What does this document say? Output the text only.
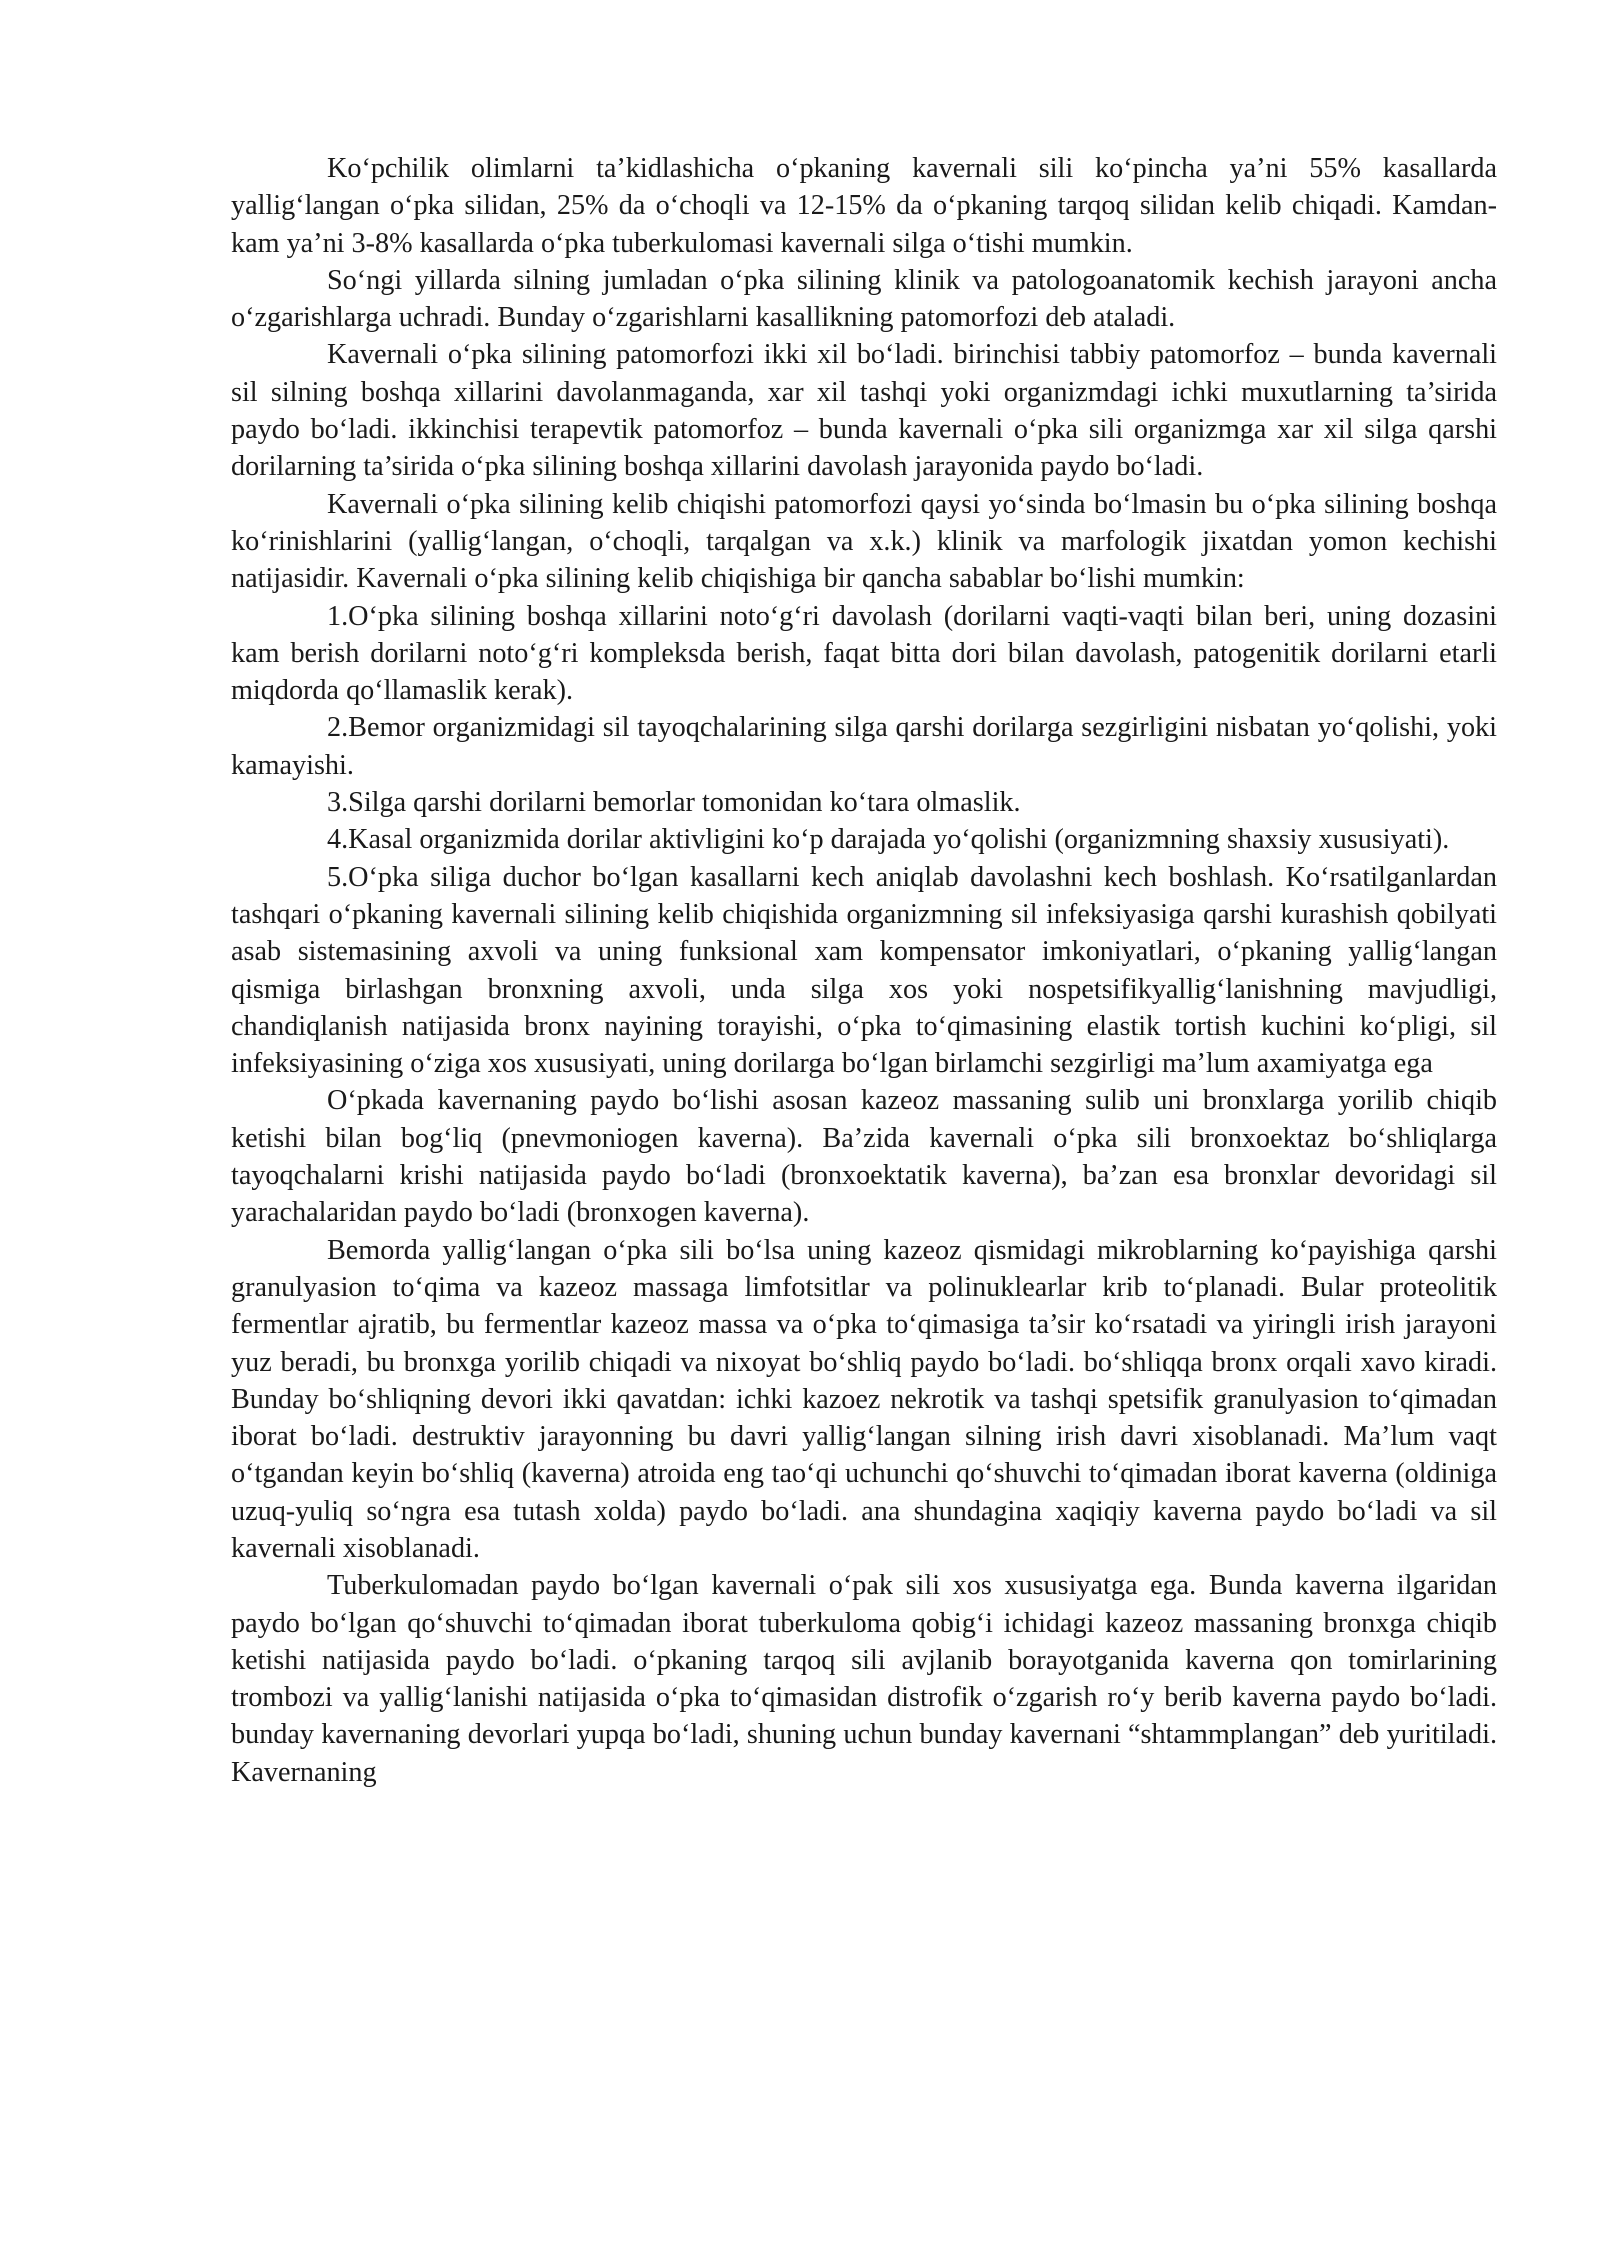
Ko‘pchilik olimlarni ta’kidlashicha o‘pkaning kavernali sili ko‘pincha ya’ni 55% kasallarda yallig‘langan o‘pka silidan, 25% da o‘choqli va 12-15% da o‘pkaning tarqoq silidan kelib chiqadi. Kamdan-kam ya’ni 3-8% kasallarda o‘pka tuberkulomasi kavernali silga o‘tishi mumkin.

So‘ngi yillarda silning jumladan o‘pka silining klinik va patologoanatomik kechish jarayoni ancha o‘zgarishlarga uchradi. Bunday o‘zgarishlarni kasallikning patomorfozi deb ataladi.

Kavernali o‘pka silining patomorfozi ikki xil bo‘ladi. birinchisi tabbiy patomorfoz – bunda kavernali sil silning boshqa xillarini davolanmaganda, xar xil tashqi yoki organizmdagi ichki muxutlarning ta’sirida paydo bo‘ladi. ikkinchisi terapevtik patomorfoz – bunda kavernali o‘pka sili organizmga xar xil silga qarshi dorilarning ta’sirida o‘pka silining boshqa xillarini davolash jarayonida paydo bo‘ladi.

Kavernali o‘pka silining kelib chiqishi patomorfozi qaysi yo‘sinda bo‘lmasin bu o‘pka silining boshqa ko‘rinishlarini (yallig‘langan, o‘choqli, tarqalgan va x.k.) klinik va marfologik jixatdan yomon kechishi natijasidir. Kavernali o‘pka silining kelib chiqishiga bir qancha sabablar bo‘lishi mumkin:

1.O‘pka silining boshqa xillarini noto‘g‘ri davolash (dorilarni vaqti-vaqti bilan beri, uning dozasini kam berish dorilarni noto‘g‘ri kompleksda berish, faqat bitta dori bilan davolash, patogenitik dorilarni etarli miqdorda qo‘llamaslik kerak).

2.Bemor organizmidagi sil tayoqchalarining silga qarshi dorilarga sezgirligini nisbatan yo‘qolishi, yoki kamayishi.

3.Silga qarshi dorilarni bemorlar tomonidan ko‘tara olmaslik.

4.Kasal organizmida dorilar aktivligini ko‘p darajada yo‘qolishi (organizmning shaxsiy xususiyati).

5.O‘pka siliga duchor bo‘lgan kasallarni kech aniqlab davolashni kech boshlash. Ko‘rsatilganlardan tashqari o‘pkaning kavernali silining kelib chiqishida organizmning sil infeksiyasiga qarshi kurashish qobilyati asab sistemasining axvoli va uning funksional xam kompensator imkoniyatlari, o‘pkaning yallig‘langan qismiga birlashgan bronxning axvoli, unda silga xos yoki nospetsifikyallig‘lanishning mavjudligi, chandiqlanish natijasida bronx nayining torayishi, o‘pka to‘qimasining elastik tortish kuchini ko‘pligi, sil infeksiyasining o‘ziga xos xususiyati, uning dorilarga bo‘lgan birlamchi sezgirligi ma’lum axamiyatga ega

O‘pkada kavernaning paydo bo‘lishi asosan kazeoz massaning sulib uni bronxlarga yorilib chiqib ketishi bilan bog‘liq (pnevmoniogen kaverna). Ba’zida kavernali o‘pka sili bronxoektaz bo‘shliqlarga tayoqchalarni krishi natijasida paydo bo‘ladi (bronxoektatik kaverna), ba’zan esa bronxlar devoridagi sil yarachalaridan paydo bo‘ladi (bronxogen kaverna).

Bemorda yallig‘langan o‘pka sili bo‘lsa uning kazeoz qismidagi mikroblarning ko‘payishiga qarshi granulyasion to‘qima va kazeoz massaga limfotsitlar va polinuklearlar krib to‘planadi. Bular proteolitik fermentlar ajratib, bu fermentlar kazeoz massa va o‘pka to‘qimasiga ta’sir ko‘rsatadi va yiringli irish jarayoni yuz beradi, bu bronxga yorilib chiqadi va nixoyat bo‘shliq paydo bo‘ladi. bo‘shliqqa bronx orqali xavo kiradi. Bunday bo‘shliqning devori ikki qavatdan: ichki kazoez nekrotik va tashqi spetsifik granulyasion to‘qimadan iborat bo‘ladi. destruktiv jarayonning bu davri yallig‘langan silning irish davri xisoblanadi. Ma’lum vaqt o‘tgandan keyin bo‘shliq (kaverna) atroida eng tao‘qi uchunchi qo‘shuvchi to‘qimadan iborat kaverna (oldiniga uzuq-yuliq so‘ngra esa tutash xolda) paydo bo‘ladi. ana shundagina xaqiqiy kaverna paydo bo‘ladi va sil kavernali xisoblanadi.

Tuberkulomadan paydo bo‘lgan kavernali o‘pak sili xos xususiyatga ega. Bunda kaverna ilgaridan paydo bo‘lgan qo‘shuvchi to‘qimadan iborat tuberkuloma qobig‘i ichidagi kazeoz massaning bronxga chiqib ketishi natijasida paydo bo‘ladi. o‘pkaning tarqoq sili avjlanib borayotganida kaverna qon tomirlarining trombozi va yallig‘lanishi natijasida o‘pka to‘qimasidan distrofik o‘zgarish ro‘y berib kaverna paydo bo‘ladi. bunday kavernaning devorlari yupqa bo‘ladi, shuning uchun bunday kavernani “shtammplangan” deb yuritiladi. Kavernaning
